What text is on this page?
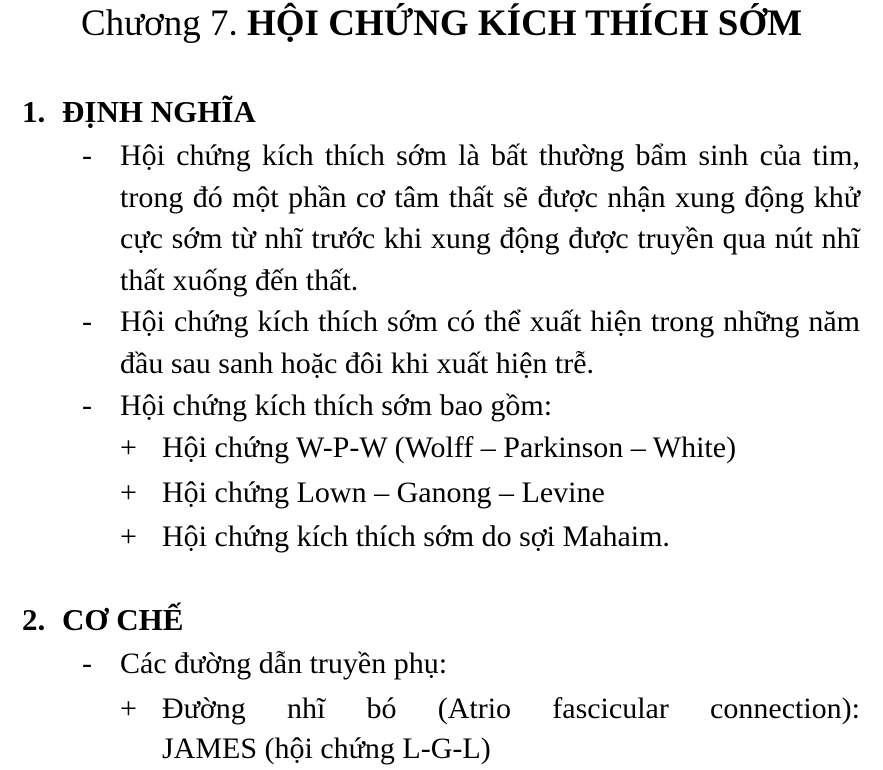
Chương 7. HỘI CHỨNG KÍCH THÍCH SỚM
1. ĐỊNH NGHĨA
- Hội chứng kích thích sớm là bất thường bẩm sinh của tim, trong đó một phần cơ tâm thất sẽ được nhận xung động khử cực sớm từ nhĩ trước khi xung động được truyền qua nút nhĩ thất xuống đến thất.
- Hội chứng kích thích sớm có thể xuất hiện trong những năm đầu sau sanh hoặc đôi khi xuất hiện trễ.
- Hội chứng kích thích sớm bao gồm:
+ Hội chứng W-P-W (Wolff – Parkinson – White)
+ Hội chứng Lown – Ganong – Levine
+ Hội chứng kích thích sớm do sợi Mahaim.
2. CƠ CHẾ
- Các đường dẫn truyền phụ:
+ Đường nhĩ bó (Atrio fascicular connection):
JAMES (hội chứng L-G-L)
